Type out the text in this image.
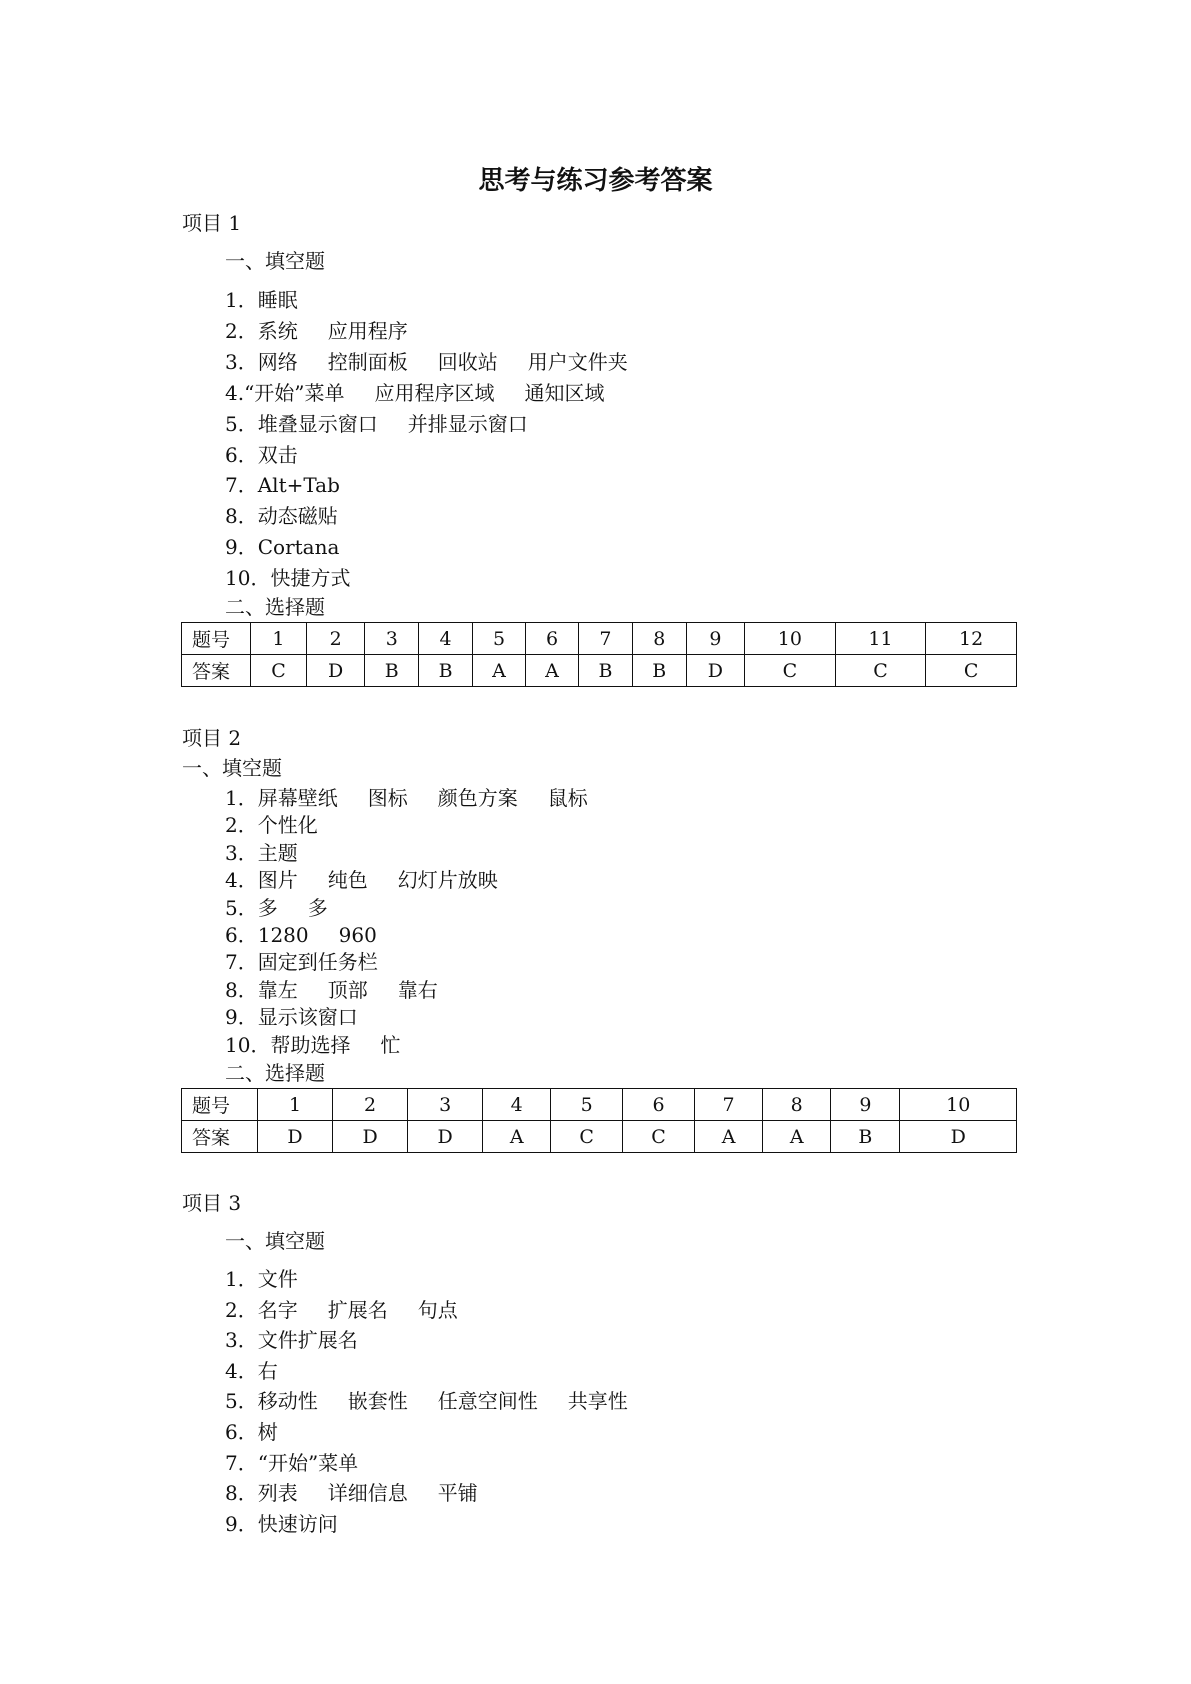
思考与练习参考答案
项目 1
一、填空题
1．睡眠
2．系统 应用程序
3．网络 控制面板 回收站 用户文件夹
4.“开始”菜单 应用程序区域 通知区域
5．堆叠显示窗口 并排显示窗口
6．双击
7．Alt+Tab
8．动态磁贴
9．Cortana
10．快捷方式
二、选择题
题号	1	2	3	4	5	6	7	8	9	10	11	12
答案	C	D	B	B	A	A	B	B	D	C	C	C
项目 2
一、填空题
1．屏幕壁纸 图标 颜色方案 鼠标
2．个性化
3．主题
4．图片 纯色 幻灯片放映
5．多 多
6．1280 960
7．固定到任务栏
8．靠左 顶部 靠右
9．显示该窗口
10．帮助选择 忙
二、选择题
题号	1	2	3	4	5	6	7	8	9	10
答案	D	D	D	A	C	C	A	A	B	D
项目 3
一、填空题
1．文件
2．名字 扩展名 句点
3．文件扩展名
4．右
5．移动性 嵌套性 任意空间性 共享性
6．树
7．“开始”菜单
8．列表 详细信息 平铺
9．快速访问
